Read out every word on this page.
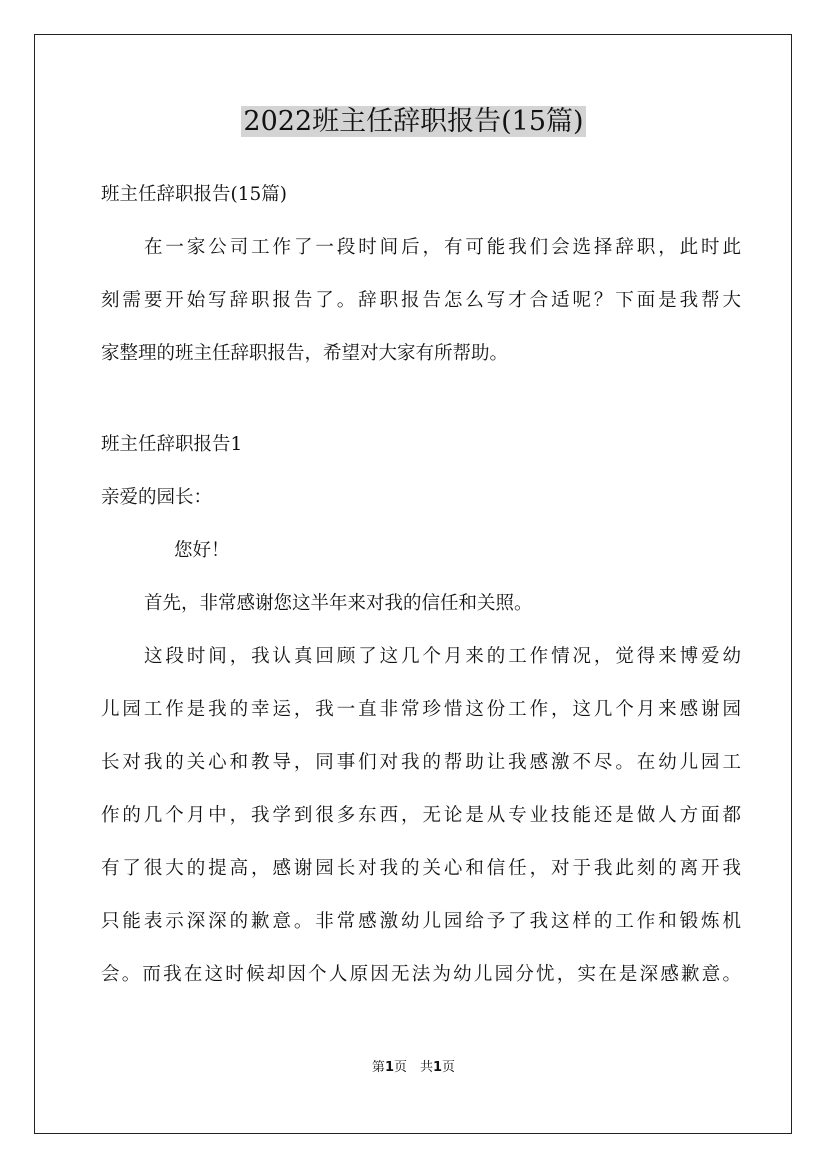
2022班主任辞职报告(15篇)

班主任辞职报告(15篇)

在一家公司工作了一段时间后，有可能我们会选择辞职，此时此

刻需要开始写辞职报告了。辞职报告怎么写才合适呢？下面是我帮大

家整理的班主任辞职报告，希望对大家有所帮助。

班主任辞职报告1

亲爱的园长：

您好！

首先，非常感谢您这半年来对我的信任和关照。

这段时间，我认真回顾了这几个月来的工作情况，觉得来博爱幼

儿园工作是我的幸运，我一直非常珍惜这份工作，这几个月来感谢园

长对我的关心和教导，同事们对我的帮助让我感激不尽。在幼儿园工

作的几个月中，我学到很多东西，无论是从专业技能还是做人方面都

有了很大的提高，感谢园长对我的关心和信任，对于我此刻的离开我

只能表示深深的歉意。非常感激幼儿园给予了我这样的工作和锻炼机

会。而我在这时候却因个人原因无法为幼儿园分忧，实在是深感歉意。

第1页　共1页
